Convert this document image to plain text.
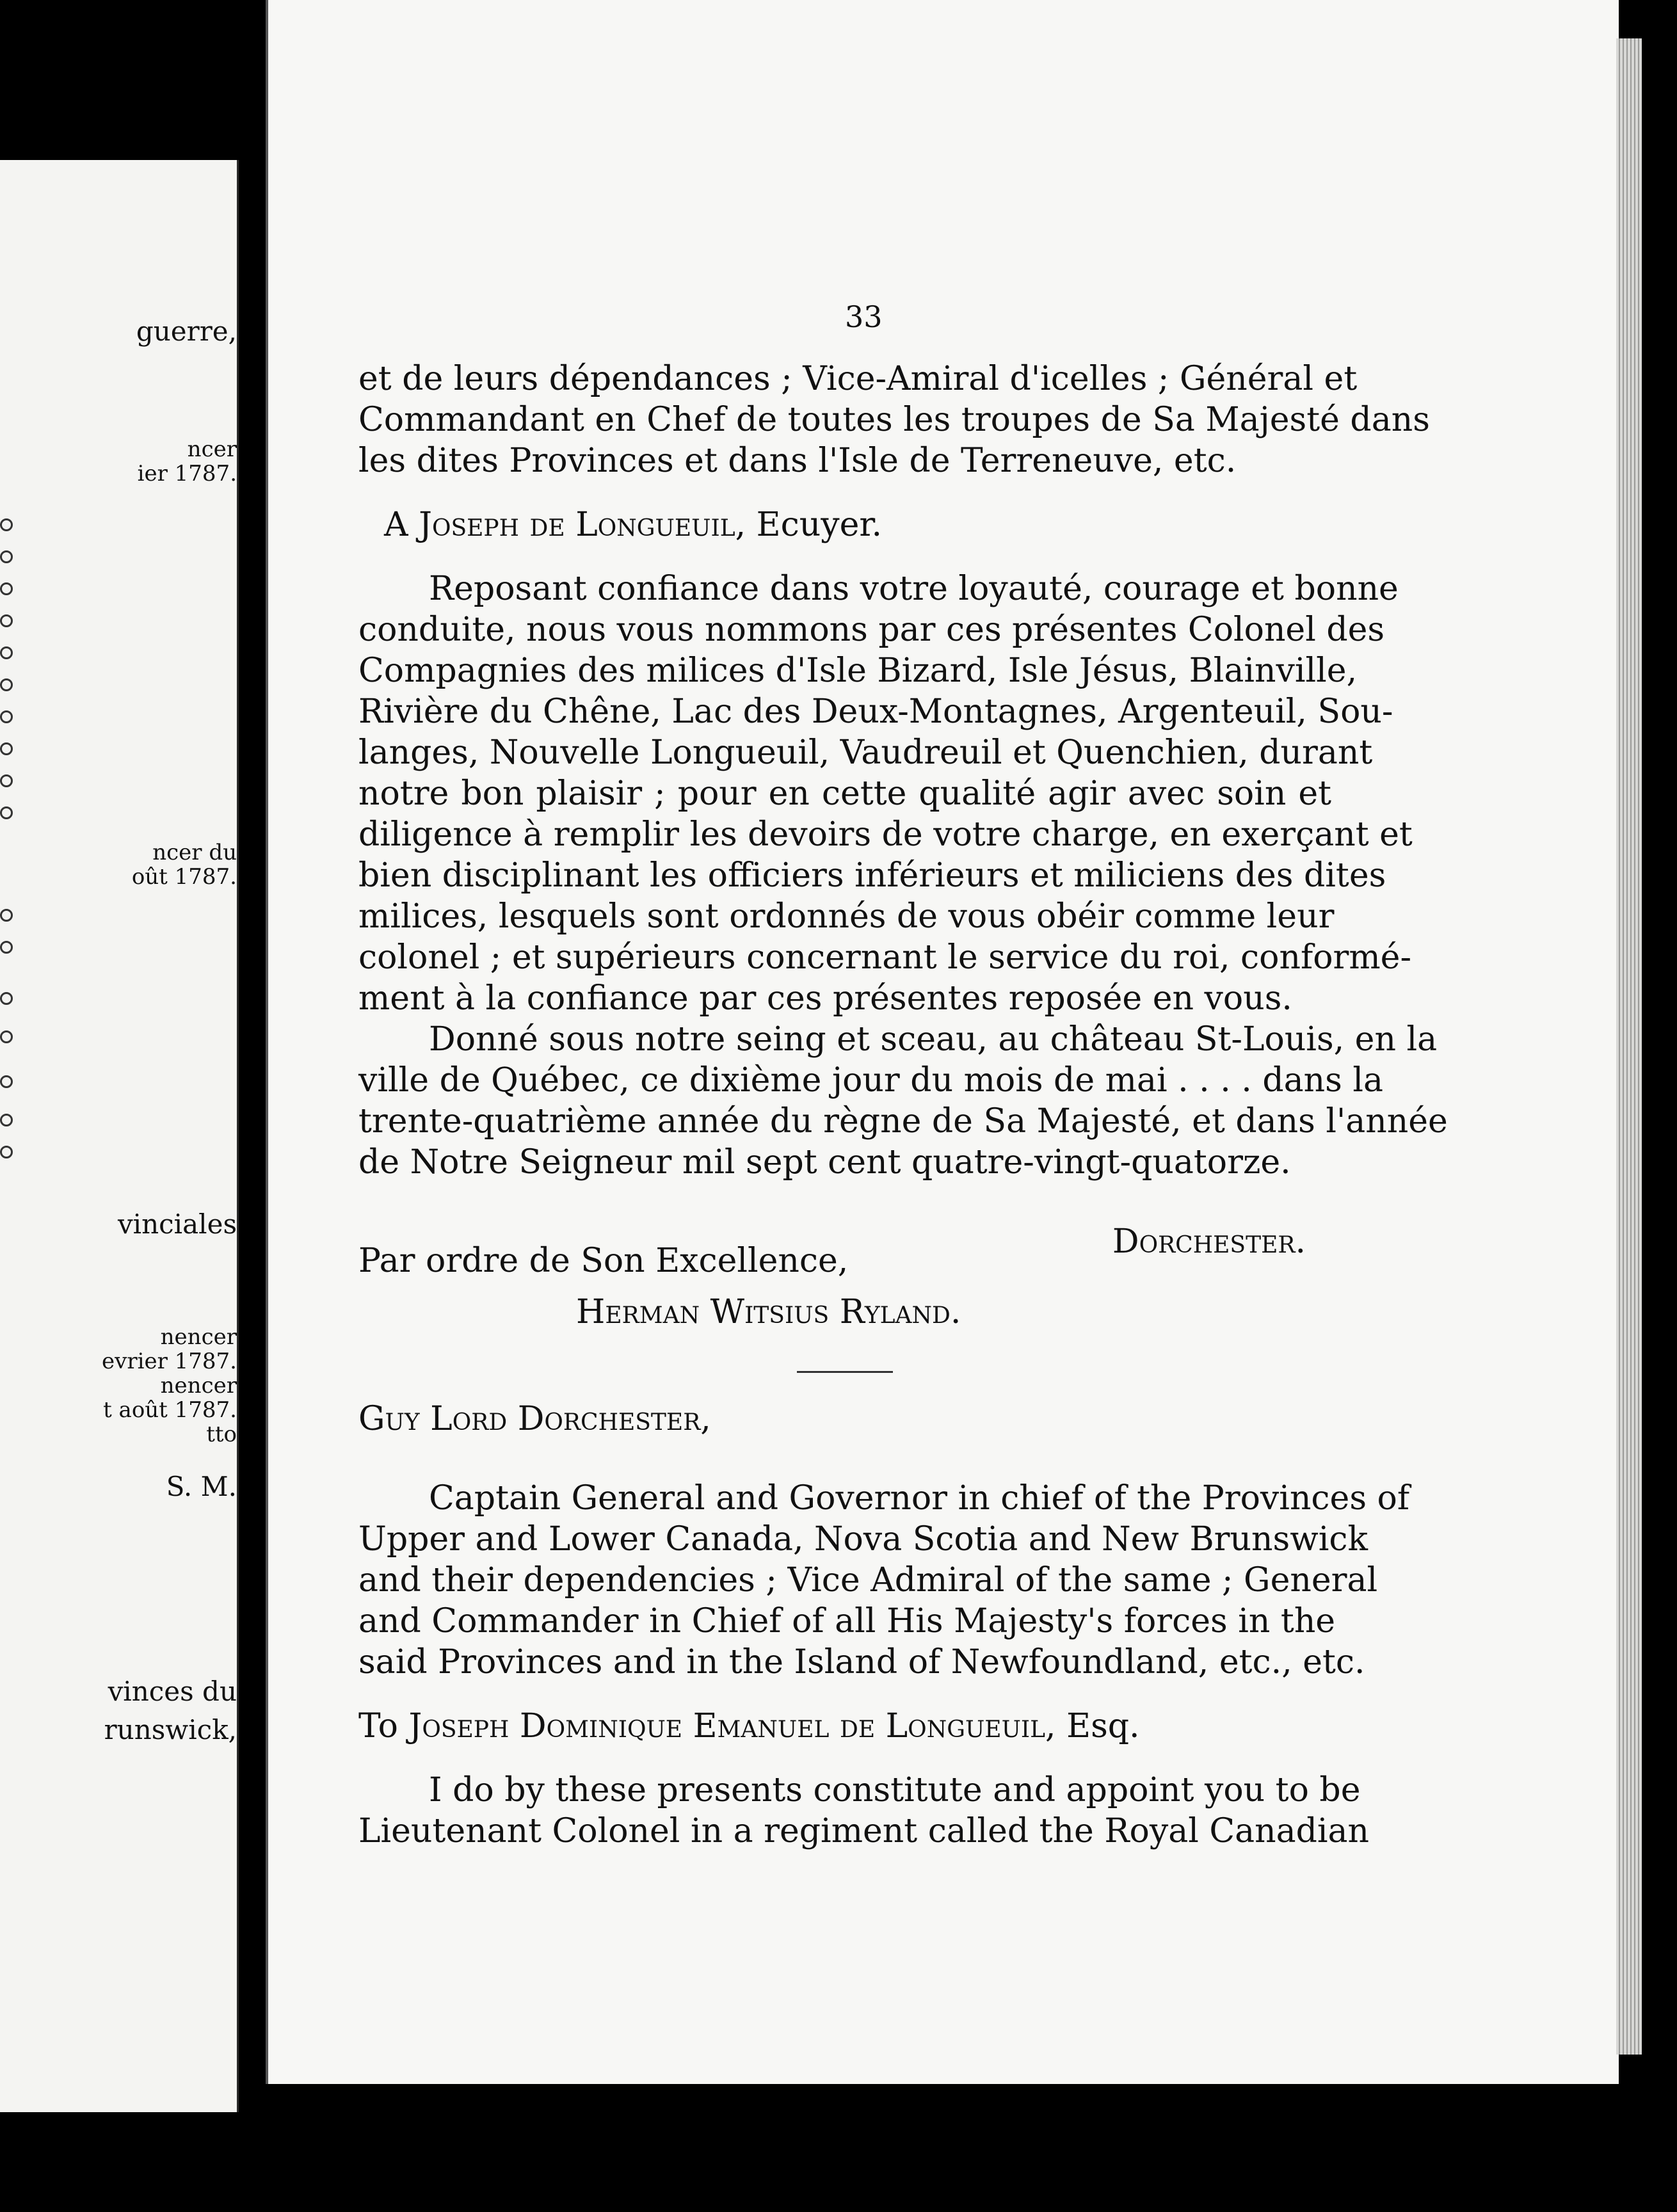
guerre,
ncer
ier 1787.
ncer du
oût 1787.
vinciales
nencer
evrier 1787.
nencer
t août 1787.
tto
S. M.
vinces du
runswick,
33
et de leurs dépendances ; Vice-Amiral d'icelles ; Général et
Commandant en Chef de toutes les troupes de Sa Majesté dans
les dites Provinces et dans l'Isle de Terreneuve, etc.
A Joseph de Longueuil, Ecuyer.
Reposant confiance dans votre loyauté, courage et bonne
conduite, nous vous nommons par ces présentes Colonel des
Compagnies des milices d'Isle Bizard, Isle Jésus, Blainville,
Rivière du Chêne, Lac des Deux-Montagnes, Argenteuil, Sou-
langes, Nouvelle Longueuil, Vaudreuil et Quenchien, durant
notre bon plaisir ; pour en cette qualité agir avec soin et
diligence à remplir les devoirs de votre charge, en exerçant et
bien disciplinant les officiers inférieurs et miliciens des dites
milices, lesquels sont ordonnés de vous obéir comme leur
colonel ; et supérieurs concernant le service du roi, conformé-
ment à la confiance par ces présentes reposée en vous.
Donné sous notre seing et sceau, au château St-Louis, en la
ville de Québec, ce dixième jour du mois de mai . . . . dans la
trente-quatrième année du règne de Sa Majesté, et dans l'année
de Notre Seigneur mil sept cent quatre-vingt-quatorze.
Par ordre de Son Excellence,	Dorchester.
Herman Witsius Ryland.
Guy Lord Dorchester,
Captain General and Governor in chief of the Provinces of
Upper and Lower Canada, Nova Scotia and New Brunswick
and their dependencies ; Vice Admiral of the same ; General
and Commander in Chief of all His Majesty's forces in the
said Provinces and in the Island of Newfoundland, etc., etc.
To Joseph Dominique Emanuel de Longueuil, Esq.
I do by these presents constitute and appoint you to be
Lieutenant Colonel in a regiment called the Royal Canadian
